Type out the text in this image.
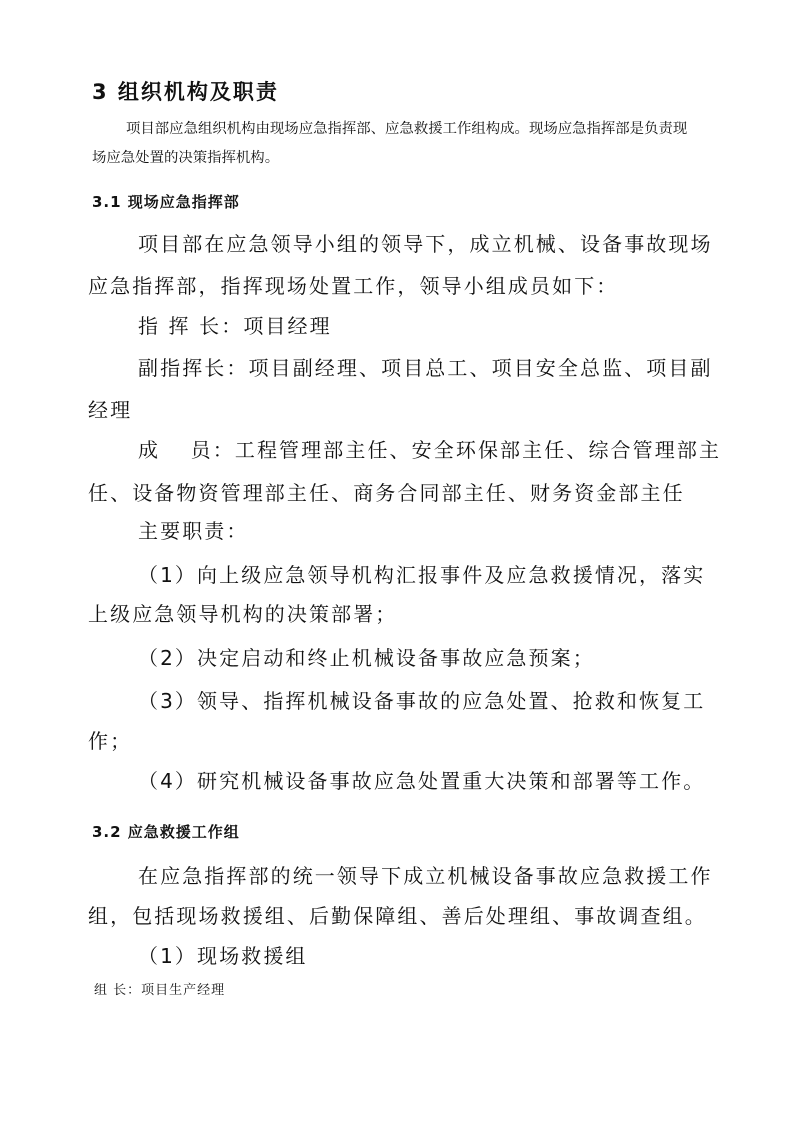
3 组织机构及职责
项目部应急组织机构由现场应急指挥部、应急救援工作组构成。现场应急指挥部是负责现
场应急处置的决策指挥机构。
3.1 现场应急指挥部
项目部在应急领导小组的领导下，成立机械、设备事故现场
应急指挥部，指挥现场处置工作，领导小组成员如下：
指 挥 长：项目经理
副指挥长：项目副经理、项目总工、项目安全总监、项目副
经理
成　 员：工程管理部主任、安全环保部主任、综合管理部主
任、设备物资管理部主任、商务合同部主任、财务资金部主任
主要职责：
（1）向上级应急领导机构汇报事件及应急救援情况，落实
上级应急领导机构的决策部署；
（2）决定启动和终止机械设备事故应急预案；
（3）领导、指挥机械设备事故的应急处置、抢救和恢复工
作；
（4）研究机械设备事故应急处置重大决策和部署等工作。
3.2 应急救援工作组
在应急指挥部的统一领导下成立机械设备事故应急救援工作
组，包括现场救援组、后勤保障组、善后处理组、事故调查组。
（1）现场救援组
组 长：项目生产经理
